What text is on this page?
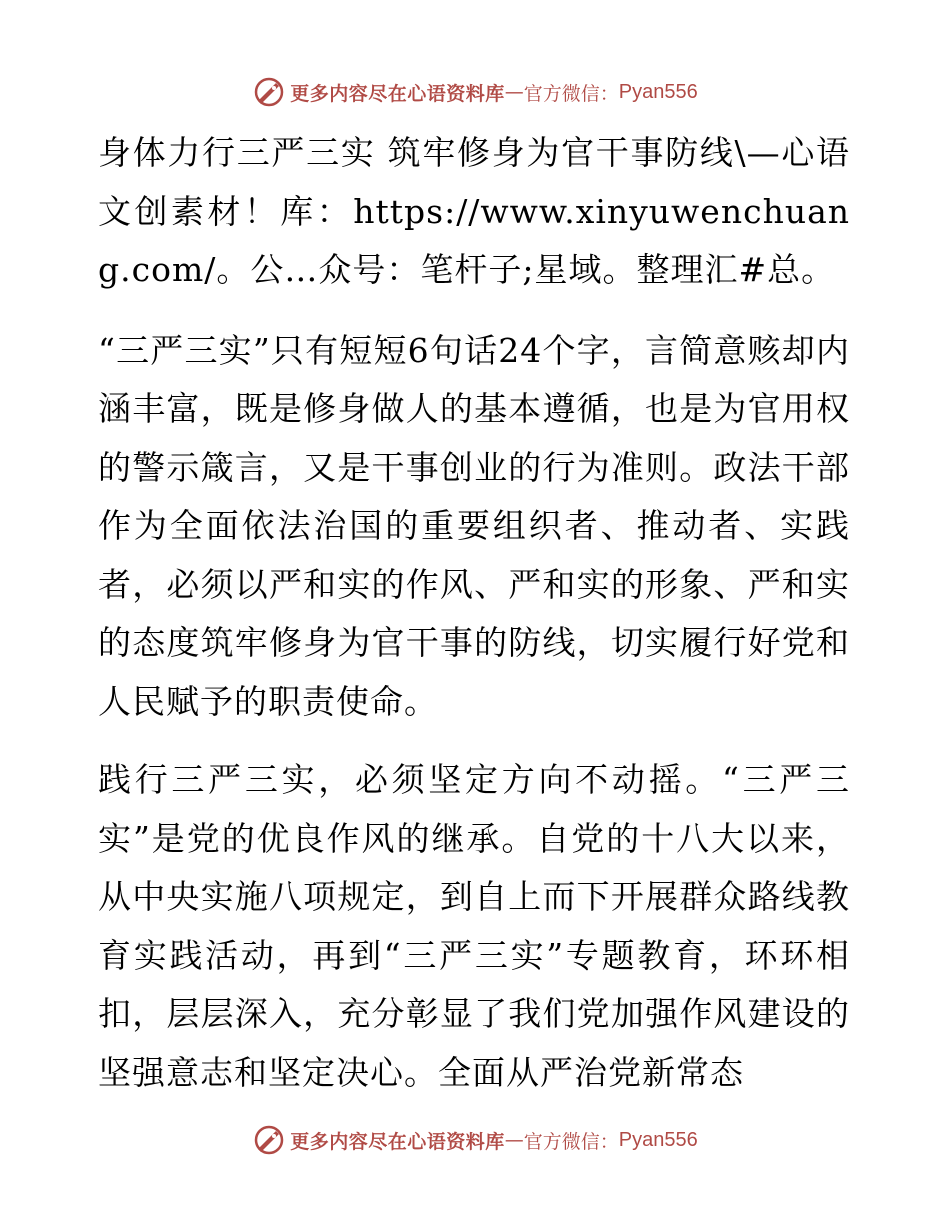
更多内容尽在心语资料库 — 官方微信： Pyan556

身体力行三严三实 筑牢修身为官干事防线\—心语文创素材！库：https://www.xinyuwenchuang.com/。公…众号：笔杆子;星域。整理汇#总。

“三严三实”只有短短6句话24个字，言简意赅却内涵丰富，既是修身做人的基本遵循，也是为官用权的警示箴言，又是干事创业的行为准则。政法干部作为全面依法治国的重要组织者、推动者、实践者，必须以严和实的作风、严和实的形象、严和实的态度筑牢修身为官干事的防线，切实履行好党和人民赋予的职责使命。

践行三严三实，必须坚定方向不动摇。“三严三实”是党的优良作风的继承。自党的十八大以来，从中央实施八项规定，到自上而下开展群众路线教育实践活动，再到“三严三实”专题教育，环环相扣，层层深入，充分彰显了我们党加强作风建设的坚强意志和坚定决心。全面从严治党新常态

更多内容尽在心语资料库 — 官方微信： Pyan556
